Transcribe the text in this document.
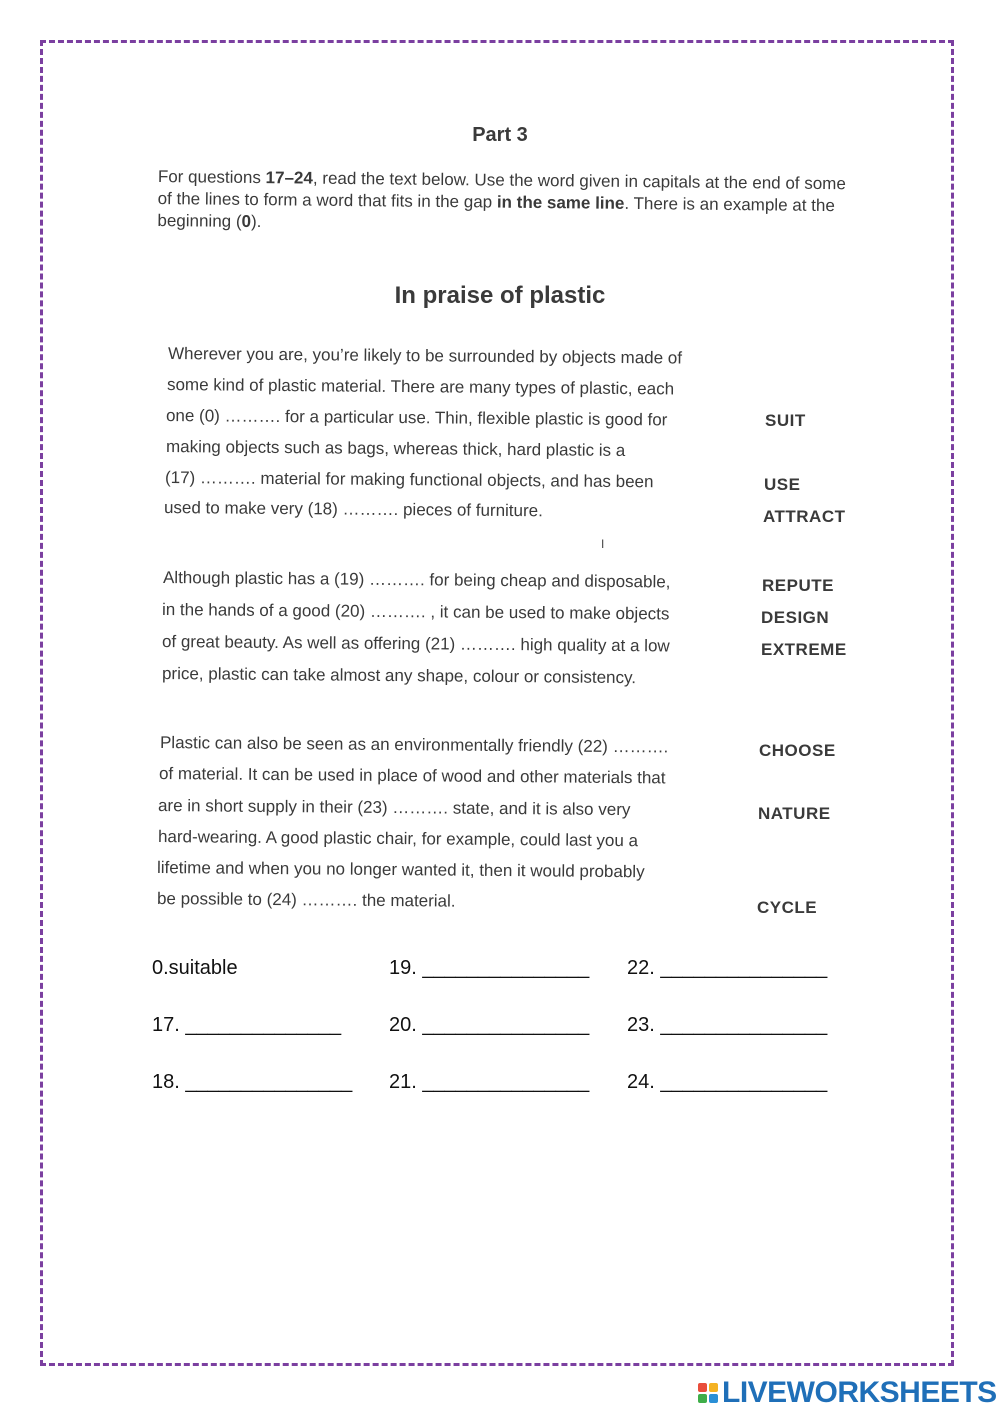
Part 3
For questions 17–24, read the text below. Use the word given in capitals at the end of some of the lines to form a word that fits in the gap in the same line. There is an example at the beginning (0).
In praise of plastic
Wherever you are, you’re likely to be surrounded by objects made of
some kind of plastic material. There are many types of plastic, each
one (0) ………. for a particular use. Thin, flexible plastic is good for
making objects such as bags, whereas thick, hard plastic is a
(17) ………. material for making functional objects, and has been
used to make very (18) ………. pieces of furniture.
Although plastic has a (19) ………. for being cheap and disposable,
in the hands of a good (20) ………. , it can be used to make objects
of great beauty. As well as offering (21) ………. high quality at a low
price, plastic can take almost any shape, colour or consistency.
Plastic can also be seen as an environmentally friendly (22) ……….
of material. It can be used in place of wood and other materials that
are in short supply in their (23) ………. state, and it is also very
hard-wearing. A good plastic chair, for example, could last you a
lifetime and when you no longer wanted it, then it would probably
be possible to (24) ………. the material.
SUIT
USE
ATTRACT
REPUTE
DESIGN
EXTREME
CHOOSE
NATURE
CYCLE
I
0.suitable	19. _______________ 22. _______________
17. ______________ 20. _______________ 23. _______________
18. _______________ 21. _______________ 24. _______________
LIVEWORKSHEETS
